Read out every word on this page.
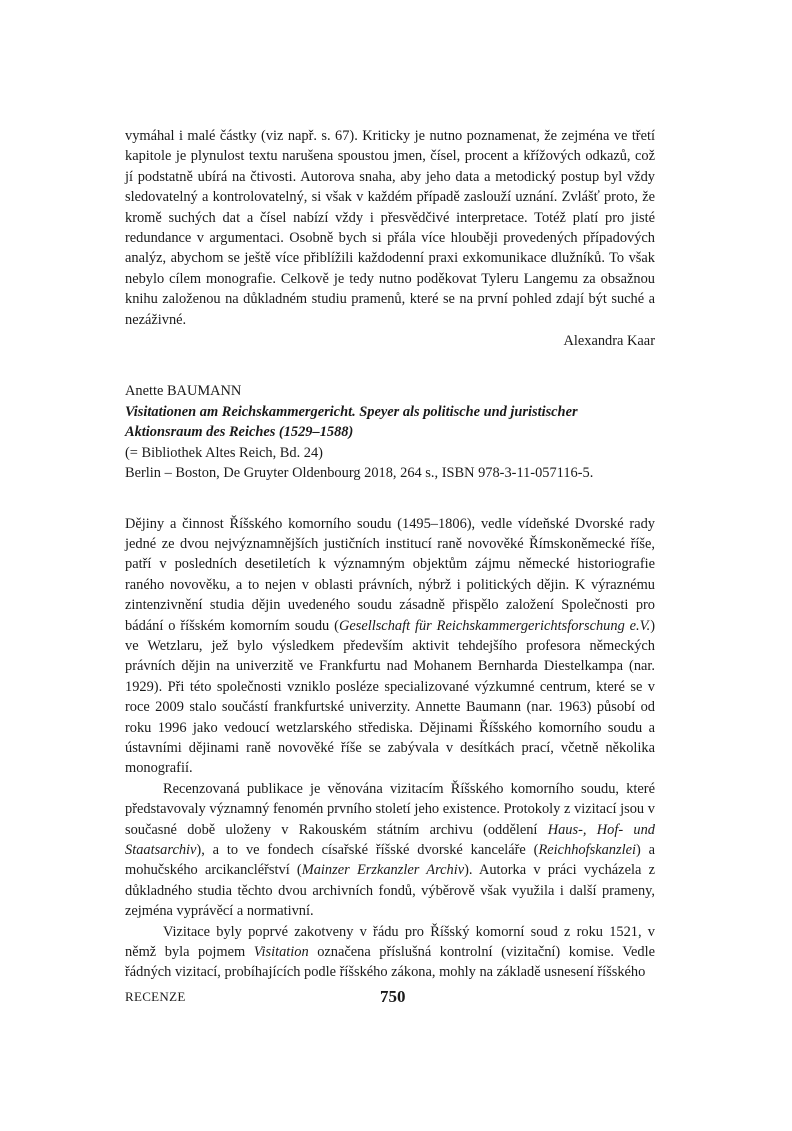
vymáhal i malé částky (viz např. s. 67). Kriticky je nutno poznamenat, že zejména ve třetí kapitole je plynulost textu narušena spoustou jmen, čísel, procent a křížových odkazů, což jí podstatně ubírá na čtivosti. Autorova snaha, aby jeho data a metodický postup byl vždy sledovatelný a kontrolovatelný, si však v každém případě zaslouží uznání. Zvlášť proto, že kromě suchých dat a čísel nabízí vždy i přesvědčivé interpretace. Totéž platí pro jisté redundance v argumentaci. Osobně bych si přála více hlouběji provedených případových analýz, abychom se ještě více přiblížili každodenní praxi exkomunikace dlužníků. To však nebylo cílem monografie. Celkově je tedy nutno poděkovat Tyleru Langemu za obsažnou knihu založenou na důkladném studiu pramenů, které se na první pohled zdají být suché a nezáživné.

Alexandra Kaar
Anette BAUMANN
Visitationen am Reichskammergericht. Speyer als politische und juristischer Aktionsraum des Reiches (1529–1588)
(= Bibliothek Altes Reich, Bd. 24)
Berlin – Boston, De Gruyter Oldenbourg 2018, 264 s., ISBN 978-3-11-057116-5.

Dějiny a činnost Říšského komorního soudu (1495–1806), vedle vídeňské Dvorské rady jedné ze dvou nejvýznamnějších justičních institucí raně novověké Římskoněmecké říše, patří v posledních desetiletích k významným objektům zájmu německé historiografie raného novověku, a to nejen v oblasti právních, nýbrž i politických dějin. K výraznému zintenzivnění studia dějin uvedeného soudu zásadně přispělo založení Společnosti pro bádání o říšském komorním soudu (Gesellschaft für Reichskammergerichtsforschung e.V.) ve Wetzlaru, jež bylo výsledkem především aktivit tehdejšího profesora německých právních dějin na univerzitě ve Frankfurtu nad Mohanem Bernharda Diestelkampa (nar. 1929). Při této společnosti vzniklo posléze specializované výzkumné centrum, které se v roce 2009 stalo součástí frankfurtské univerzity. Annette Baumann (nar. 1963) působí od roku 1996 jako vedoucí wetzlarského střediska. Dějinami Říšského komorního soudu a ústavními dějinami raně novověké říše se zabývala v desítkách prací, včetně několika monografií.

Recenzovaná publikace je věnována vizitacím Říšského komorního soudu, které představovaly významný fenomén prvního století jeho existence. Protokoly z vizitací jsou v současné době uloženy v Rakouském státním archivu (oddělení Haus-, Hof- und Staatsarchiv), a to ve fondech císařské říšské dvorské kanceláře (Reichhofskanzlei) a mohučského arcikancléřství (Mainzer Erzkanzler Archiv). Autorka v práci vycházela z důkladného studia těchto dvou archivních fondů, výběrově však využila i další prameny, zejména vyprávěcí a normativní.

Vizitace byly poprvé zakotveny v řádu pro Říšský komorní soud z roku 1521, v němž byla pojmem Visitation označena příslušná kontrolní (vizitační) komise. Vedle řádných vizitací, probíhajících podle říšského zákona, mohly na základě usnesení říšského

RECENZE	750
